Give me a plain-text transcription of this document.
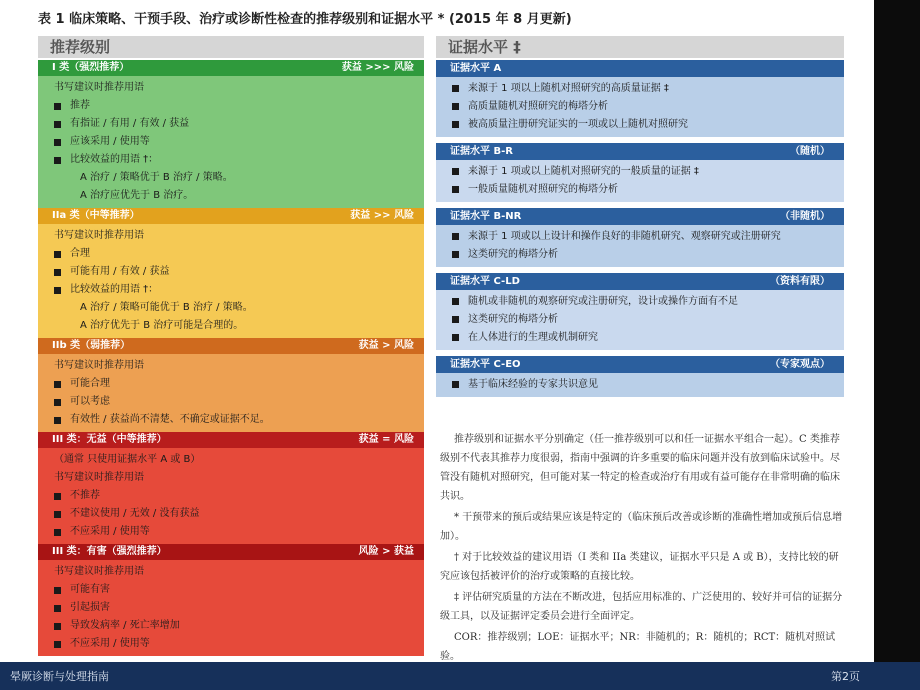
表 1 临床策略、干预手段、治疗或诊断性检查的推荐级别和证据水平 * (2015 年 8 月更新)
推荐级别	证据水平 ‡
I 类（强烈推荐）	获益 >>> 风险
书写建议时推荐用语
推荐
有指证 / 有用 / 有效 / 获益
应该采用 / 使用等
比较效益的用语 †：
A 治疗 / 策略优于 B 治疗 / 策略。
A 治疗应优先于 B 治疗。
IIa 类（中等推荐）	获益 >> 风险
书写建议时推荐用语
合理
可能有用 / 有效 / 获益
比较效益的用语 †：
A 治疗 / 策略可能优于 B 治疗 / 策略。
A 治疗优先于 B 治疗可能是合理的。
IIb 类（弱推荐）	获益 > 风险
书写建议时推荐用语
可能合理
可以考虑
有效性 / 获益尚不清楚、不确定或证据不足。
III 类：无益（中等推荐）	获益 = 风险
（通常 只使用证据水平 A 或 B）
书写建议时推荐用语
不推荐
不建议使用 / 无效 / 没有获益
不应采用 / 使用等
III 类：有害（强烈推荐）	风险 > 获益
书写建议时推荐用语
可能有害
引起损害
导致发病率 / 死亡率增加
不应采用 / 使用等
证据水平 A
来源于 1 项以上随机对照研究的高质量证据 ‡
高质量随机对照研究的梅塔分析
被高质量注册研究证实的一项或以上随机对照研究
证据水平 B-R	（随机）
来源于 1 项或以上随机对照研究的一般质量的证据 ‡
一般质量随机对照研究的梅塔分析
证据水平 B-NR	（非随机）
来源于 1 项或以上设计和操作良好的非随机研究、观察研究或注册研究
这类研究的梅塔分析
证据水平 C-LD	（资料有限）
随机或非随机的观察研究或注册研究，设计或操作方面有不足
这类研究的梅塔分析
在人体进行的生理或机制研究
证据水平 C-EO	（专家观点）
基于临床经验的专家共识意见

推荐级别和证据水平分别确定（任一推荐级别可以和任一证据水平组合一起）。C 类推荐级别不代表其推荐力度很弱，指南中强调的许多重要的临床问题并没有放到临床试验中。尽管没有随机对照研究，但可能对某一特定的检查或治疗有用或有益可能存在非常明确的临床共识。

* 干预带来的预后或结果应该是特定的（临床预后改善或诊断的准确性增加或预后信息增加）。

† 对于比较效益的建议用语（I 类和 IIa 类建议，证据水平只是 A 或 B），支持比较的研究应该包括被评价的治疗或策略的直接比较。

‡ 评估研究质量的方法在不断改进，包括应用标准的、广泛使用的、较好并可信的证据分级工具，以及证据评定委员会进行全面评定。

COR：推荐级别；LOE：证据水平；NR：非随机的；R：随机的；RCT：随机对照试验。

晕厥诊断与处理指南	第2页
